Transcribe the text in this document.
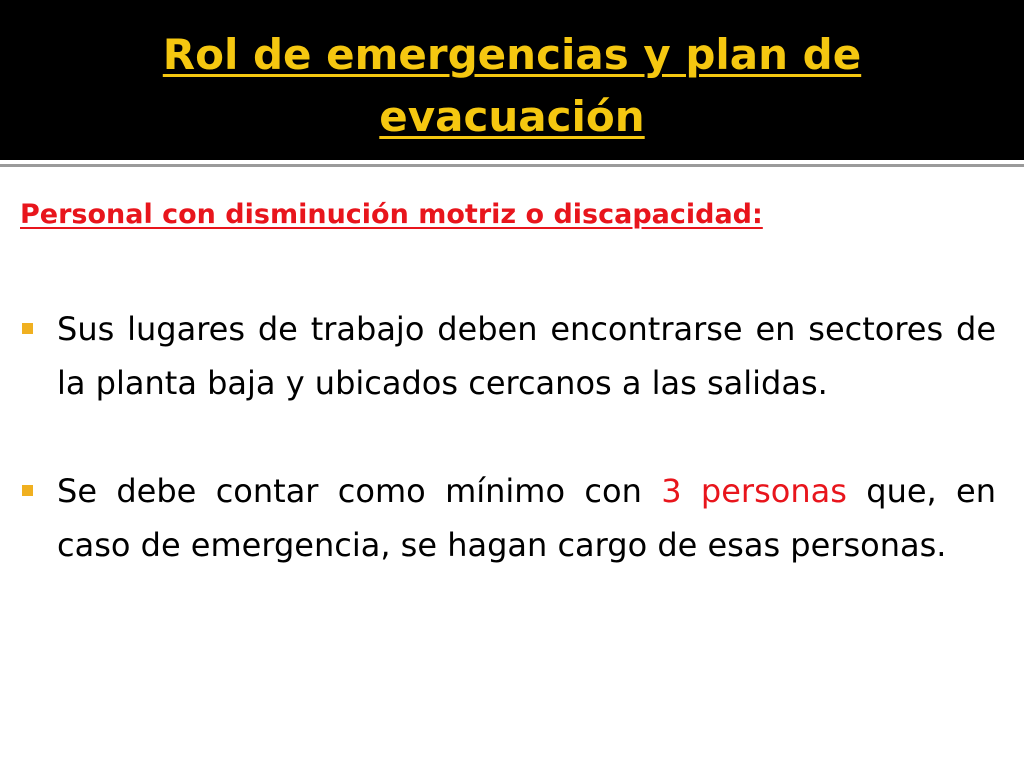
Rol de emergencias y plan de
evacuación
Personal con disminución motriz o discapacidad:
Sus lugares de trabajo deben encontrarse en sectores de la planta baja y ubicados cercanos a las salidas.
Se debe contar como mínimo con 3 personas que, en caso de emergencia, se hagan cargo de esas personas.
